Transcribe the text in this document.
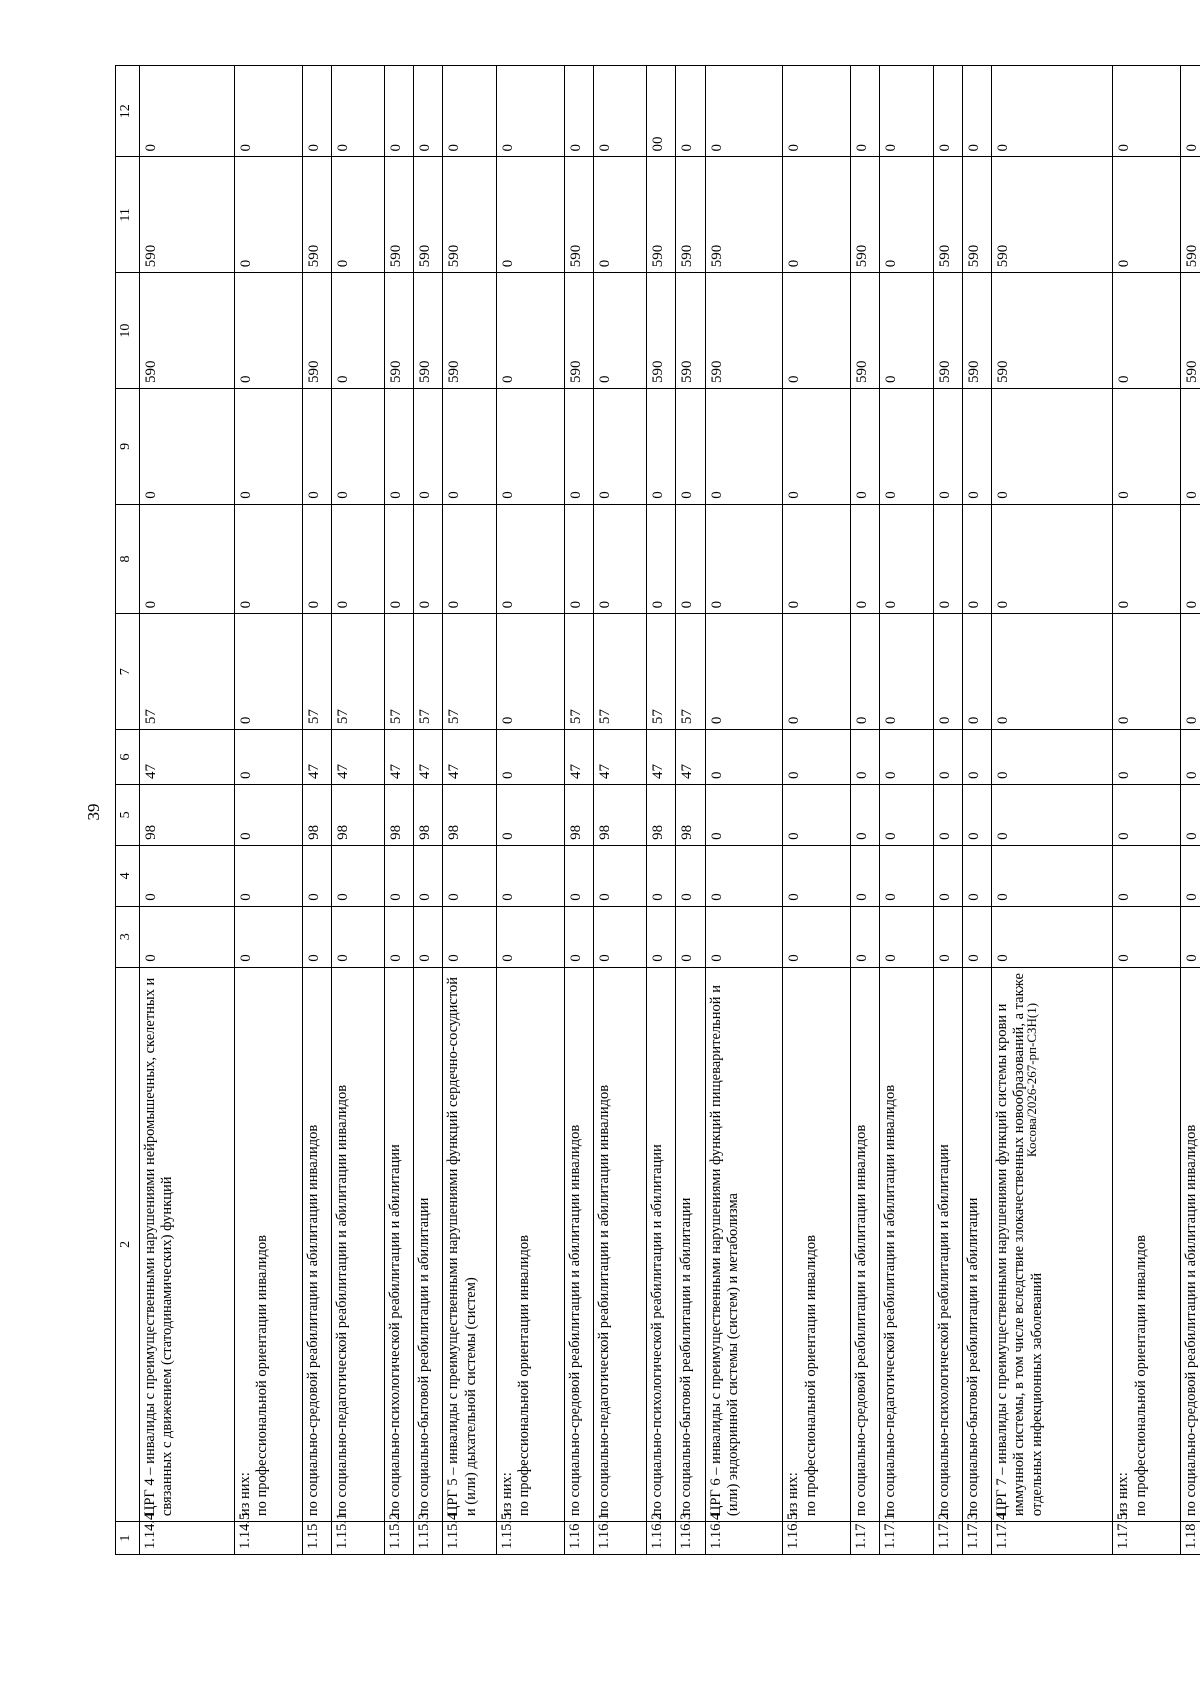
39
1	2	3	4	5	6	7	8	9	10	11	12
1.14.4	ЦРГ 4 – инвалиды с преимущественными нарушениями нейромышечных, скелетных и связанных с движением (статодинамических) функций	0	0	98	47	57	0	0	590	590	0
1.14.5	из них:
по профессиональной ориентации инвалидов	0	0	0	0	0	0	0	0	0	0
1.15	по социально-средовой реабилитации и абилитации инвалидов	0	0	98	47	57	0	0	590	590	0
1.15.1	по социально-педагогической реабилитации и абилитации инвалидов	0	0	98	47	57	0	0	0	0	0
1.15.2	по социально-психологической реабилитации и абилитации	0	0	98	47	57	0	0	590	590	0
1.15.3	по социально-бытовой реабилитации и абилитации	0	0	98	47	57	0	0	590	590	0
1.15.4	ЦРГ 5 – инвалиды с преимущественными нарушениями функций сердечно-сосудистой и (или) дыхательной системы (систем)	0	0	98	47	57	0	0	590	590	0
1.15.5	из них:
по профессиональной ориентации инвалидов	0	0	0	0	0	0	0	0	0	0
1.16	по социально-средовой реабилитации и абилитации инвалидов	0	0	98	47	57	0	0	590	590	0
1.16.1	по социально-педагогической реабилитации и абилитации инвалидов	0	0	98	47	57	0	0	0	0	0
1.16.2	по социально-психологической реабилитации и абилитации	0	0	98	47	57	0	0	590	590	00
1.16.3	по социально-бытовой реабилитации и абилитации	0	0	98	47	57	0	0	590	590	0
1.16.4	ЦРГ 6 – инвалиды с преимущественными нарушениями функций пищеварительной и (или) эндокринной системы (систем) и метаболизма	0	0	0	0	0	0	0	590	590	0
1.16.5	из них:
по профессиональной ориентации инвалидов	0	0	0	0	0	0	0	0	0	0
1.17	по социально-средовой реабилитации и абилитации инвалидов	0	0	0	0	0	0	0	590	590	0
1.17.1	по социально-педагогической реабилитации и абилитации инвалидов	0	0	0	0	0	0	0	0	0	0
1.17.2	по социально-психологической реабилитации и абилитации	0	0	0	0	0	0	0	590	590	0
1.17.3	по социально-бытовой реабилитации и абилитации	0	0	0	0	0	0	0	590	590	0
1.17.4	ЦРГ 7 – инвалиды с преимущественными нарушениями функций системы крови и иммунной системы, в том числе вследствие злокачественных новообразований, а также отдельных инфекционных заболеваний	0	0	0	0	0	0	0	590	590	0
1.17.5	из них:
по профессиональной ориентации инвалидов	0	0	0	0	0	0	0	0	0	0
1.18	по социально-средовой реабилитации и абилитации инвалидов	0	0	0	0	0	0	0	590	590	0
Косова/2026-267-рп-СЗН(1)
